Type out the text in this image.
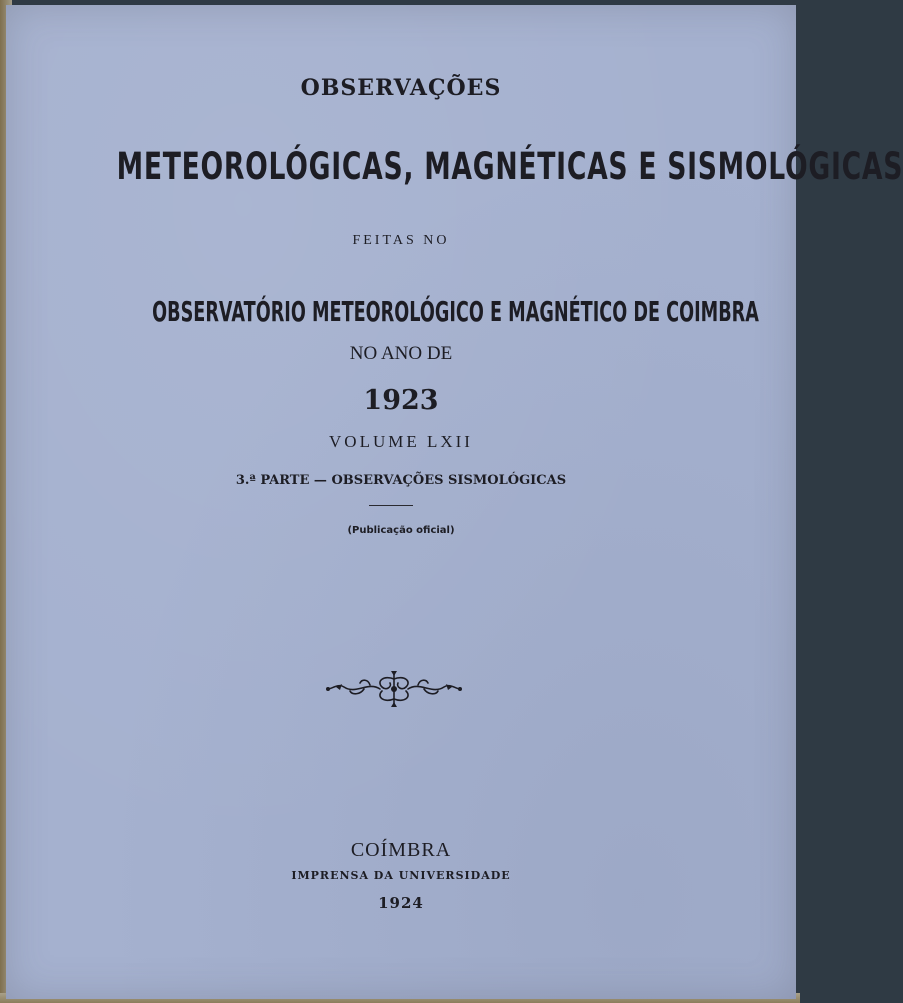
OBSERVAÇÕES
METEOROLÓGICAS, MAGNÉTICAS E SISMOLÓGICAS
FEITAS NO
OBSERVATÓRIO METEOROLÓGICO E MAGNÉTICO DE COIMBRA
NO ANO DE
1923
VOLUME LXII
3.ª PARTE — OBSERVAÇÕES SISMOLÓGICAS
(Publicação oficial)
COÍMBRA
IMPRENSA DA UNIVERSIDADE
1924
